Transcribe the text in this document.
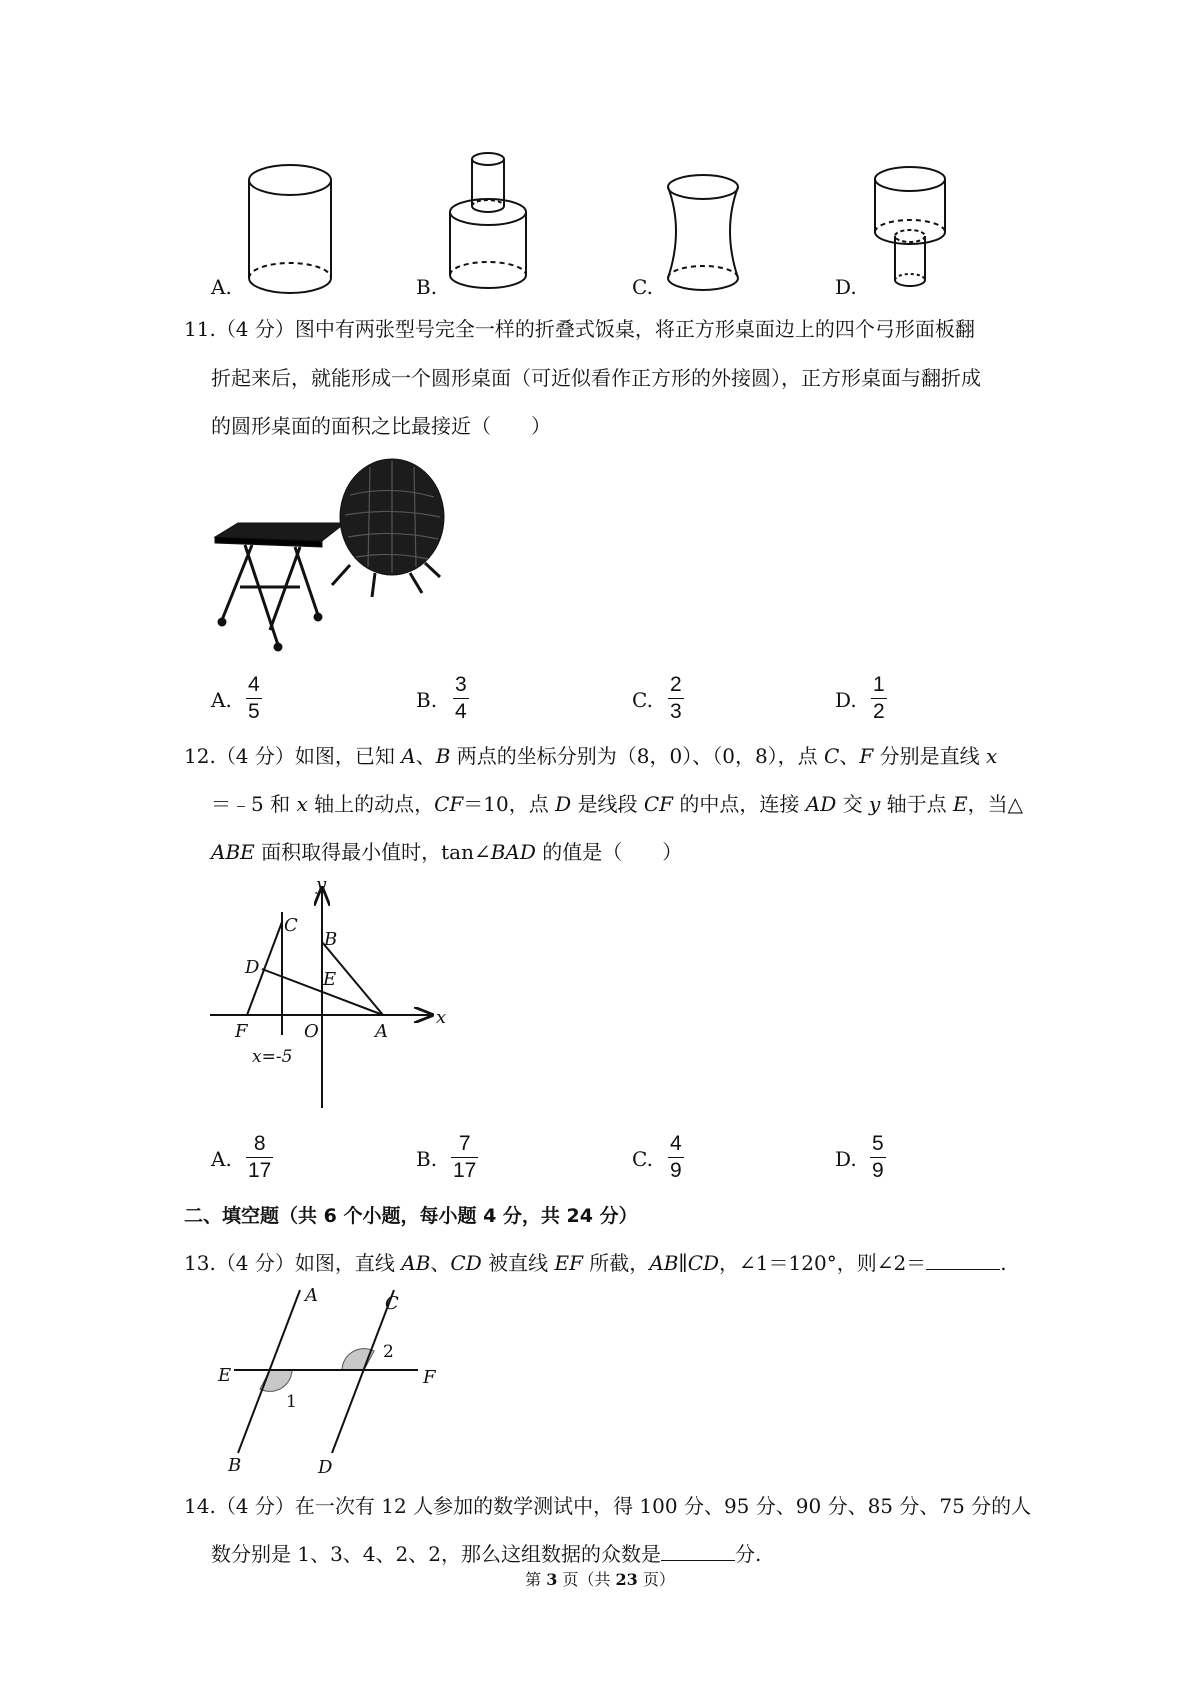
A.	B.	C.	D.
11.（4 分）图中有两张型号完全一样的折叠式饭桌，将正方形桌面边上的四个弓形面板翻
折起来后，就能形成一个圆形桌面（可近似看作正方形的外接圆），正方形桌面与翻折成
的圆形桌面的面积之比最接近（　　）
A.
4
5	B.
3
4	C.
2
3	D.
1
2
12.（4 分）如图，已知 A、B 两点的坐标分别为（8，0）、（0，8），点 C、F 分别是直线 x
＝﹣5 和 x 轴上的动点，CF＝10，点 D 是线段 CF 的中点，连接 AD 交 y 轴于点 E，当△
ABE 面积取得最小值时，tan∠BAD 的值是（　　）
y
x
C
B
D
E
F	O	A
x=-5
A.
8
17	B.
7
17	C.
4
9	D.
5
9
二、填空题（共 6 个小题，每小题 4 分，共 24 分）
13.（4 分）如图，直线 AB、CD 被直线 EF 所截，AB∥CD，∠1＝120°，则∠2＝	.
A	C
E	F
B	D
1
2
14.（4 分）在一次有 12 人参加的数学测试中，得 100 分、95 分、90 分、85 分、75 分的人
数分别是 1、3、4、2、2，那么这组数据的众数是	分.
第 3 页（共 23 页）
